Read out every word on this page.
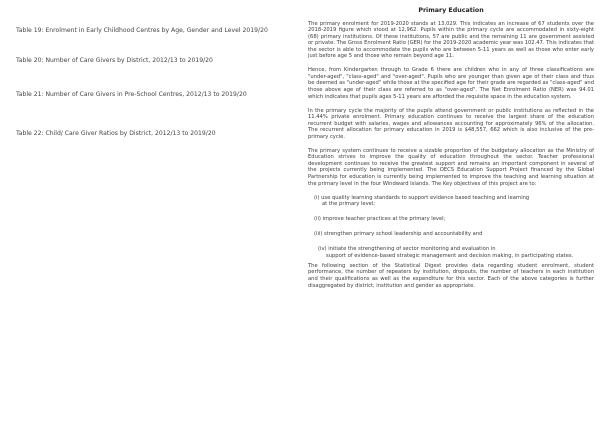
Table 19: Enrolment in Early Childhood Centres by Age, Gender and Level 2019/20
Table 20: Number of Care Givers by District, 2012/13 to 2019/20
Table 21: Number of Care Givers in Pre-School Centres, 2012/13 to 2019/20
Table 22: Child/ Care Giver Ratios by District, 2012/13 to 2019/20
Primary Education

The primary enrolment for 2019-2020 stands at 13,029. This indicates an increase of 67 students over the 2018-2019 figure which stood at 12,962. Pupils within the primary cycle are accommodated in sixty-eight (68) primary institutions. Of these institutions, 57 are public and the remaining 11 are government assisted or private. The Gross Enrolment Ratio (GER) for the 2019-2020 academic year was 102.47. This indicates that the sector is able to accommodate the pupils who are between 5-11 years as well as those who enter early just before age 5 and those who remain beyond age 11.

Hence, from Kindergarten through to Grade 6 there are children who in any of three classifications are "under-aged", "class-aged" and "over-aged". Pupils who are younger than given age of their class and thus be deemed as "under-aged" while those at the specified age for their grade are regarded as "class-aged" and those above age of their class are referred to as "over-aged". The Net Enrolment Ratio (NER) was 94.01 which indicates that pupils ages 5-11 years are afforded the requisite space in the education system.

In the primary cycle the majority of the pupils attend government or public institutions as reflected in the 11.44% private enrolment. Primary education continues to receive the largest share of the education recurrent budget with salaries, wages and allowances accounting for approximately 96% of the allocation. The recurrent allocation for primary education in 2019 is $48,557, 662 which is also inclusive of the pre-primary cycle.

The primary system continues to receive a sizable proportion of the budgetary allocation as the Ministry of Education strives to improve the quality of education throughout the sector. Teacher professional development continues to receive the greatest support and remains an important component in several of the projects currently being implemented. The OECS Education Support Project financed by the Global Partnership for education is currently being implemented to improve the teaching and learning situation at the primary level in the four Windward Islands. The Key objectives of this project are to:

(i) use quality learning standards to support evidence based teaching and learning
at the primary level;
(ii) improve teacher practices at the primary level;
(iii) strengthen primary school leadership and accountability and
(iv) initiate the strengthening of sector monitoring and evaluation in
support of evidence-based strategic management and decision making, in participating states.

The following section of the Statistical Digest provides data regarding student enrolment, student performance, the number of repeaters by institution, dropouts, the number of teachers in each institution and their qualifications as well as the expenditure for this sector. Each of the above categories is further disaggregated by district, institution and gender as appropriate.
